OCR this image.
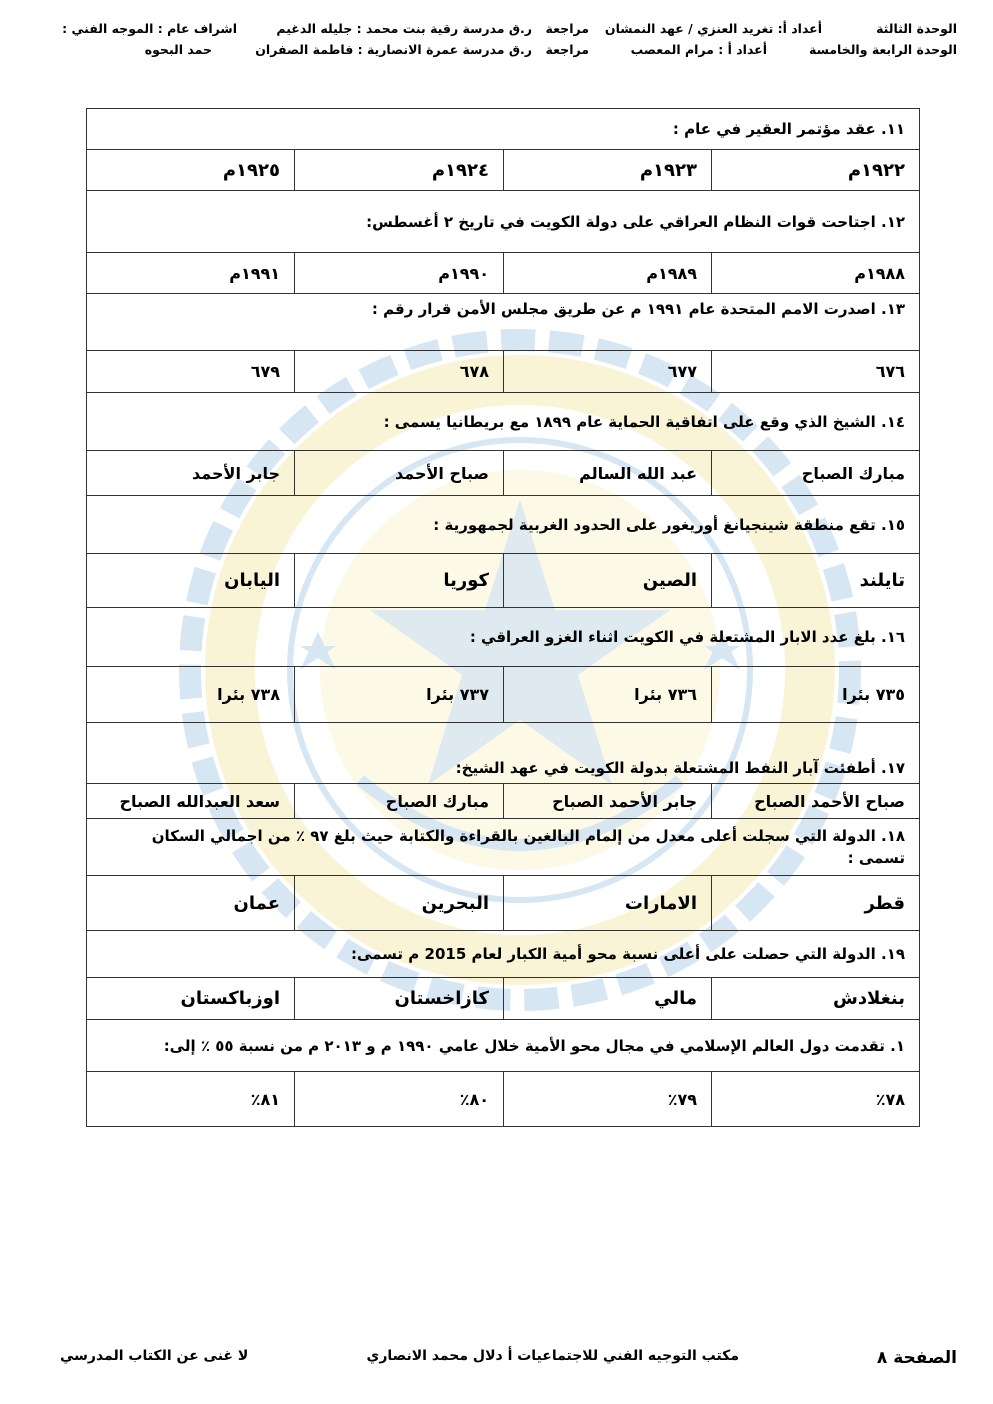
الوحدة الثالثة
أعداد أ: تغريد العنزي / عهد النمشان
مراجعة
ر.ق مدرسة رقية بنت محمد : جليله الدغيم
اشراف عام : الموجه الفني :
الوحدة الرابعة والخامسة
أعداد أ : مرام المعصب
مراجعة
ر.ق مدرسة عمرة الانصارية : فاطمة الصفران
حمد البحوه
١١. عقد مؤتمر العقير في عام :			
١٩٢٢م	١٩٢٣م	١٩٢٤م	١٩٢٥م
١٢. اجتاحت قوات النظام العراقي على دولة الكويت في تاريخ ٢ أغسطس:			
١٩٨٨م	١٩٨٩م	١٩٩٠م	١٩٩١م
١٣. اصدرت الامم المتحدة عام ١٩٩١ م عن طريق مجلس الأمن قرار رقم :			
٦٧٦	٦٧٧	٦٧٨	٦٧٩
١٤. الشيخ الذي وقع على اتفاقية الحماية عام ١٨٩٩ مع بريطانيا يسمى :			
مبارك الصباح	عبد الله السالم	صباح الأحمد	جابر الأحمد
١٥. تقع منطقة شينجيانغ أوريغور على الحدود الغربية لجمهورية :			
تايلند	الصين	كوريا	اليابان
١٦. بلغ عدد الابار المشتعلة في الكويت اثناء الغزو العراقي :			
٧٣٥ بئرا	٧٣٦ بئرا	٧٣٧ بئرا	٧٣٨ بئرا
١٧. أطفئت آبار النفط المشتعلة بدولة الكويت في عهد الشيخ:			
صباح الأحمد الصباح	جابر الأحمد الصباح	مبارك الصباح	سعد العبدالله الصباح
١٨. الدولة التي سجلت أعلى معدل من إلمام البالغين بالقراءة والكتابة حيث بلغ ٩٧ ٪ من اجمالي السكان تسمى :			
قطر	الامارات	البحرين	عمان
١٩. الدولة التي حصلت على أعلى نسبة محو أمية الكبار لعام 2015 م تسمى:			
بنغلادش	مالي	كازاخستان	اوزباكستان
١. تقدمت دول العالم الإسلامي في مجال محو الأمية خلال عامي ١٩٩٠ م و ٢٠١٣ م من نسبة ٥٥ ٪ إلى:			
٧٨٪	٧٩٪	٨٠٪	٨١٪
الصفحة ٨
مكتب التوجيه الفني للاجتماعيات أ دلال محمد الانصاري
لا غنى عن الكتاب المدرسي
